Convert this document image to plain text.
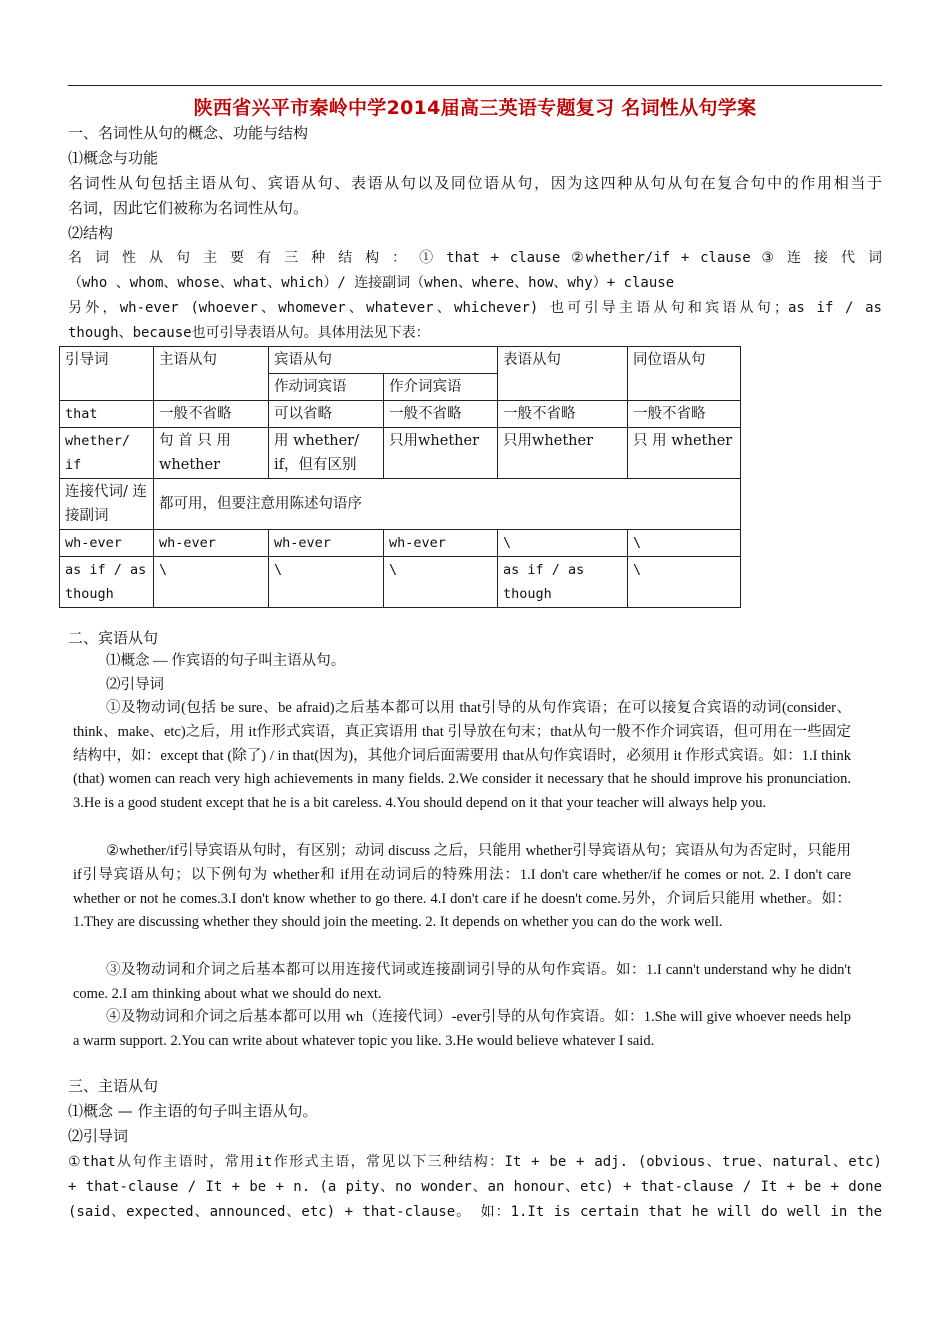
陕西省兴平市秦岭中学2014届高三英语专题复习 名词性从句学案
一、名词性从句的概念、功能与结构
⑴概念与功能
名词性从句包括主语从句、宾语从句、表语从句以及同位语从句，因为这四种从句从句在复合句中的作用相当于
名词，因此它们被称为名词性从句。
⑵结构
名 词 性 从 句 主 要 有 三 种 结 构 ： ① that + clause ②whether/if + clause ③ 连 接 代 词
（who 、whom、whose、what、which）/ 连接副词（when、where、how、why）+ clause
另外，wh-ever (whoever、whomever、whatever、whichever) 也可引导主语从句和宾语从句；as if / as
though、because也可引导表语从句。具体用法见下表：
引导词	主语从句	宾语从句		表语从句	同位语从句
		作动词宾语	作介词宾语		
that	一般不省略	可以省略	一般不省略	一般不省略	一般不省略
whether/ if	句 首 只 用 whether	用 whether/ if，但有区别	只用whether	只用whether	只 用 whether
连接代词/ 连接副词	都可用，但要注意用陈述句语序				
wh-ever	wh-ever	wh-ever	wh-ever	\	\
as if / as though	\	\	\	as if / as though	\
二、宾语从句
⑴概念 — 作宾语的句子叫主语从句。
⑵引导词
①及物动词(包括 be sure、be afraid)之后基本都可以用 that引导的从句作宾语；在可以接复合宾语的动词(consider、think、make、etc)之后，用 it作形式宾语，真正宾语用 that 引导放在句末；that从句一般不作介词宾语，但可用在一些固定结构中，如：except that (除了) / in that(因为)，其他介词后面需要用 that从句作宾语时，必须用 it 作形式宾语。如：1.I think (that) women can reach very high achievements in many fields. 2.We consider it necessary that he should improve his pronunciation. 3.He is a good student except that he is a bit careless. 4.You should depend on it that your teacher will always help you.
②whether/if引导宾语从句时，有区别；动词 discuss 之后，只能用 whether引导宾语从句；宾语从句为否定时，只能用 if引导宾语从句；以下例句为 whether和 if用在动词后的特殊用法：1.I don't care whether/if he comes or not. 2. I don't care whether or not he comes.3.I don't know whether to go there. 4.I don't care if he doesn't come.另外，介词后只能用 whether。如：1.They are discussing whether they should join the meeting. 2. It depends on whether you can do the work well.
③及物动词和介词之后基本都可以用连接代词或连接副词引导的从句作宾语。如：1.I cann't understand why he didn't come. 2.I am thinking about what we should do next.
④及物动词和介词之后基本都可以用 wh（连接代词）-ever引导的从句作宾语。如：1.She will give whoever needs help a warm support. 2.You can write about whatever topic you like. 3.He would believe whatever I said.
三、主语从句
⑴概念 — 作主语的句子叫主语从句。
⑵引导词
①that从句作主语时，常用it作形式主语，常见以下三种结构：It + be + adj. (obvious、true、natural、etc)
+ that-clause / It + be + n. (a pity、no wonder、an honour、etc) + that-clause / It + be + done
(said、expected、announced、etc) + that-clause。 如：1.It is certain that he will do well in the
